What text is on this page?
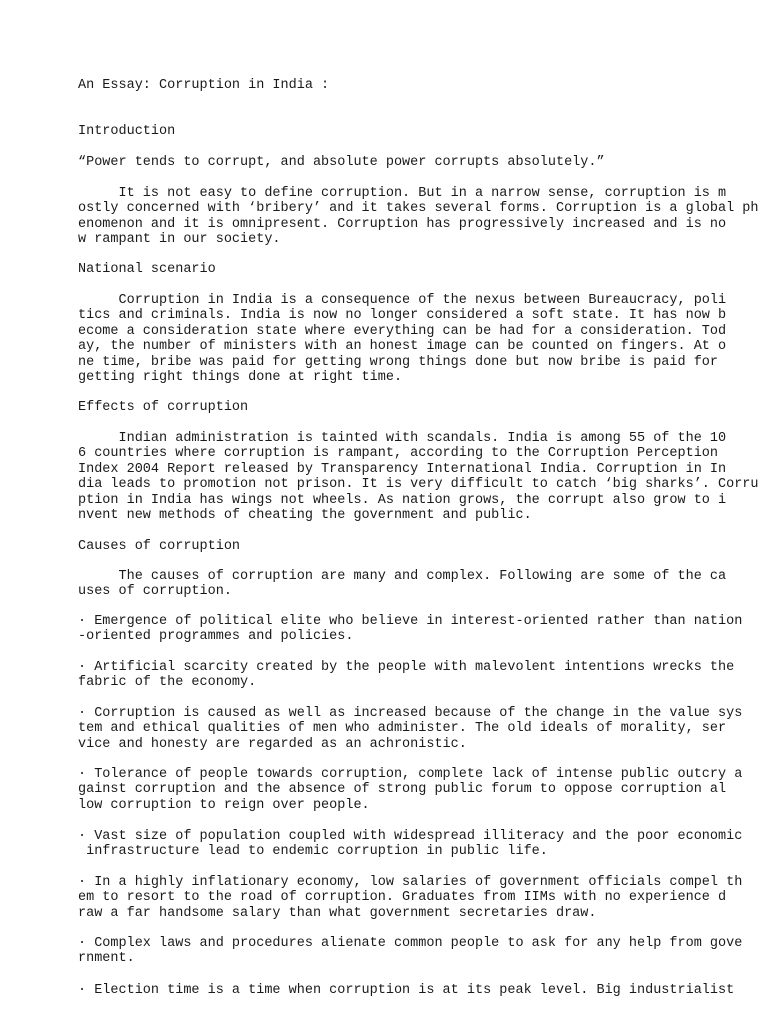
An Essay: Corruption in India :
Introduction
“Power tends to corrupt, and absolute power corrupts absolutely.”
It is not easy to define corruption. But in a narrow sense, corruption is m
ostly concerned with ‘bribery’ and it takes several forms. Corruption is a global ph
enomenon and it is omnipresent. Corruption has progressively increased and is no
w rampant in our society.
National scenario
Corruption in India is a consequence of the nexus between Bureaucracy, poli
tics and criminals. India is now no longer considered a soft state. It has now b
ecome a consideration state where everything can be had for a consideration. Tod
ay, the number of ministers with an honest image can be counted on fingers. At o
ne time, bribe was paid for getting wrong things done but now bribe is paid for
getting right things done at right time.
Effects of corruption
Indian administration is tainted with scandals. India is among 55 of the 10
6 countries where corruption is rampant, according to the Corruption Perception
Index 2004 Report released by Transparency International India. Corruption in In
dia leads to promotion not prison. It is very difficult to catch ‘big sharks’. Corru
ption in India has wings not wheels. As nation grows, the corrupt also grow to i
nvent new methods of cheating the government and public.
Causes of corruption
The causes of corruption are many and complex. Following are some of the ca
uses of corruption.
· Emergence of political elite who believe in interest-oriented rather than nation
-oriented programmes and policies.
· Artificial scarcity created by the people with malevolent intentions wrecks the
fabric of the economy.
· Corruption is caused as well as increased because of the change in the value sys
tem and ethical qualities of men who administer. The old ideals of morality, ser
vice and honesty are regarded as an achronistic.
· Tolerance of people towards corruption, complete lack of intense public outcry a
gainst corruption and the absence of strong public forum to oppose corruption al
low corruption to reign over people.
· Vast size of population coupled with widespread illiteracy and the poor economic
infrastructure lead to endemic corruption in public life.
· In a highly inflationary economy, low salaries of government officials compel th
em to resort to the road of corruption. Graduates from IIMs with no experience d
raw a far handsome salary than what government secretaries draw.
· Complex laws and procedures alienate common people to ask for any help from gove
rnment.
· Election time is a time when corruption is at its peak level. Big industrialist
